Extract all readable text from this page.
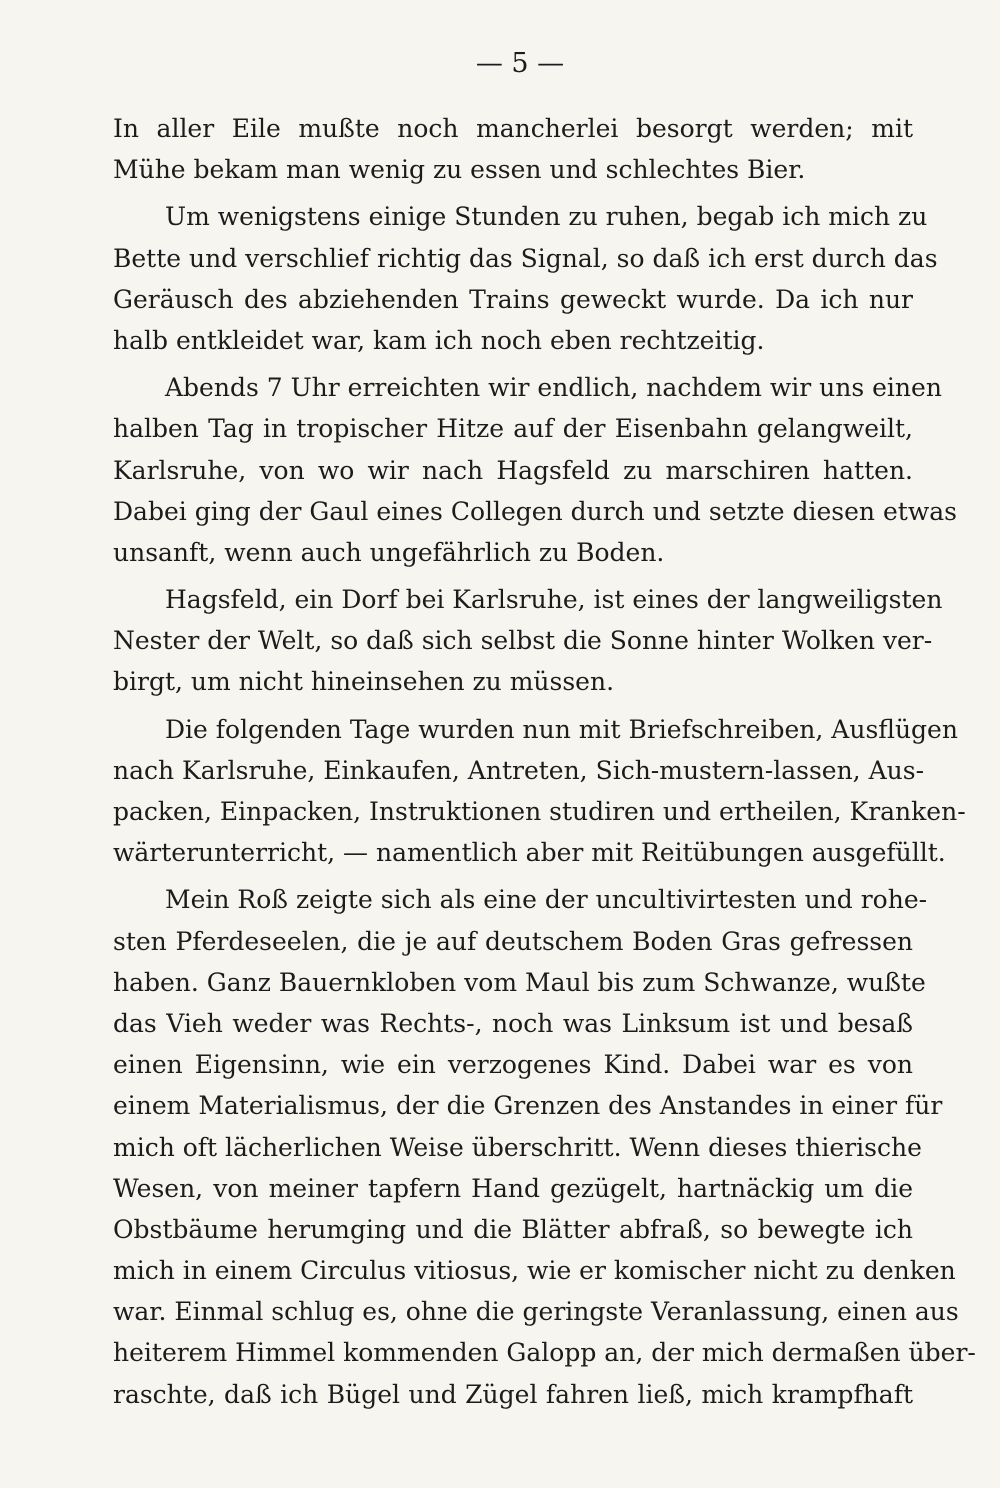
— 5 —
In aller Eile mußte noch mancherlei besorgt werden; mit
Mühe bekam man wenig zu essen und schlechtes Bier.
Um wenigstens einige Stunden zu ruhen, begab ich mich zu
Bette und verschlief richtig das Signal, so daß ich erst durch das
Geräusch des abziehenden Trains geweckt wurde. Da ich nur
halb entkleidet war, kam ich noch eben rechtzeitig.
Abends 7 Uhr erreichten wir endlich, nachdem wir uns einen
halben Tag in tropischer Hitze auf der Eisenbahn gelangweilt,
Karlsruhe, von wo wir nach Hagsfeld zu marschiren hatten.
Dabei ging der Gaul eines Collegen durch und setzte diesen etwas
unsanft, wenn auch ungefährlich zu Boden.
Hagsfeld, ein Dorf bei Karlsruhe, ist eines der langweiligsten
Nester der Welt, so daß sich selbst die Sonne hinter Wolken ver-
birgt, um nicht hineinsehen zu müssen.
Die folgenden Tage wurden nun mit Briefschreiben, Ausflügen
nach Karlsruhe, Einkaufen, Antreten, Sich-mustern-lassen, Aus-
packen, Einpacken, Instruktionen studiren und ertheilen, Kranken-
wärterunterricht, — namentlich aber mit Reitübungen ausgefüllt.
Mein Roß zeigte sich als eine der uncultivirtesten und rohe-
sten Pferdeseelen, die je auf deutschem Boden Gras gefressen
haben. Ganz Bauernkloben vom Maul bis zum Schwanze, wußte
das Vieh weder was Rechts-, noch was Linksum ist und besaß
einen Eigensinn, wie ein verzogenes Kind. Dabei war es von
einem Materialismus, der die Grenzen des Anstandes in einer für
mich oft lächerlichen Weise überschritt. Wenn dieses thierische
Wesen, von meiner tapfern Hand gezügelt, hartnäckig um die
Obstbäume herumging und die Blätter abfraß, so bewegte ich
mich in einem Circulus vitiosus, wie er komischer nicht zu denken
war. Einmal schlug es, ohne die geringste Veranlassung, einen aus
heiterem Himmel kommenden Galopp an, der mich dermaßen über-
raschte, daß ich Bügel und Zügel fahren ließ, mich krampfhaft
